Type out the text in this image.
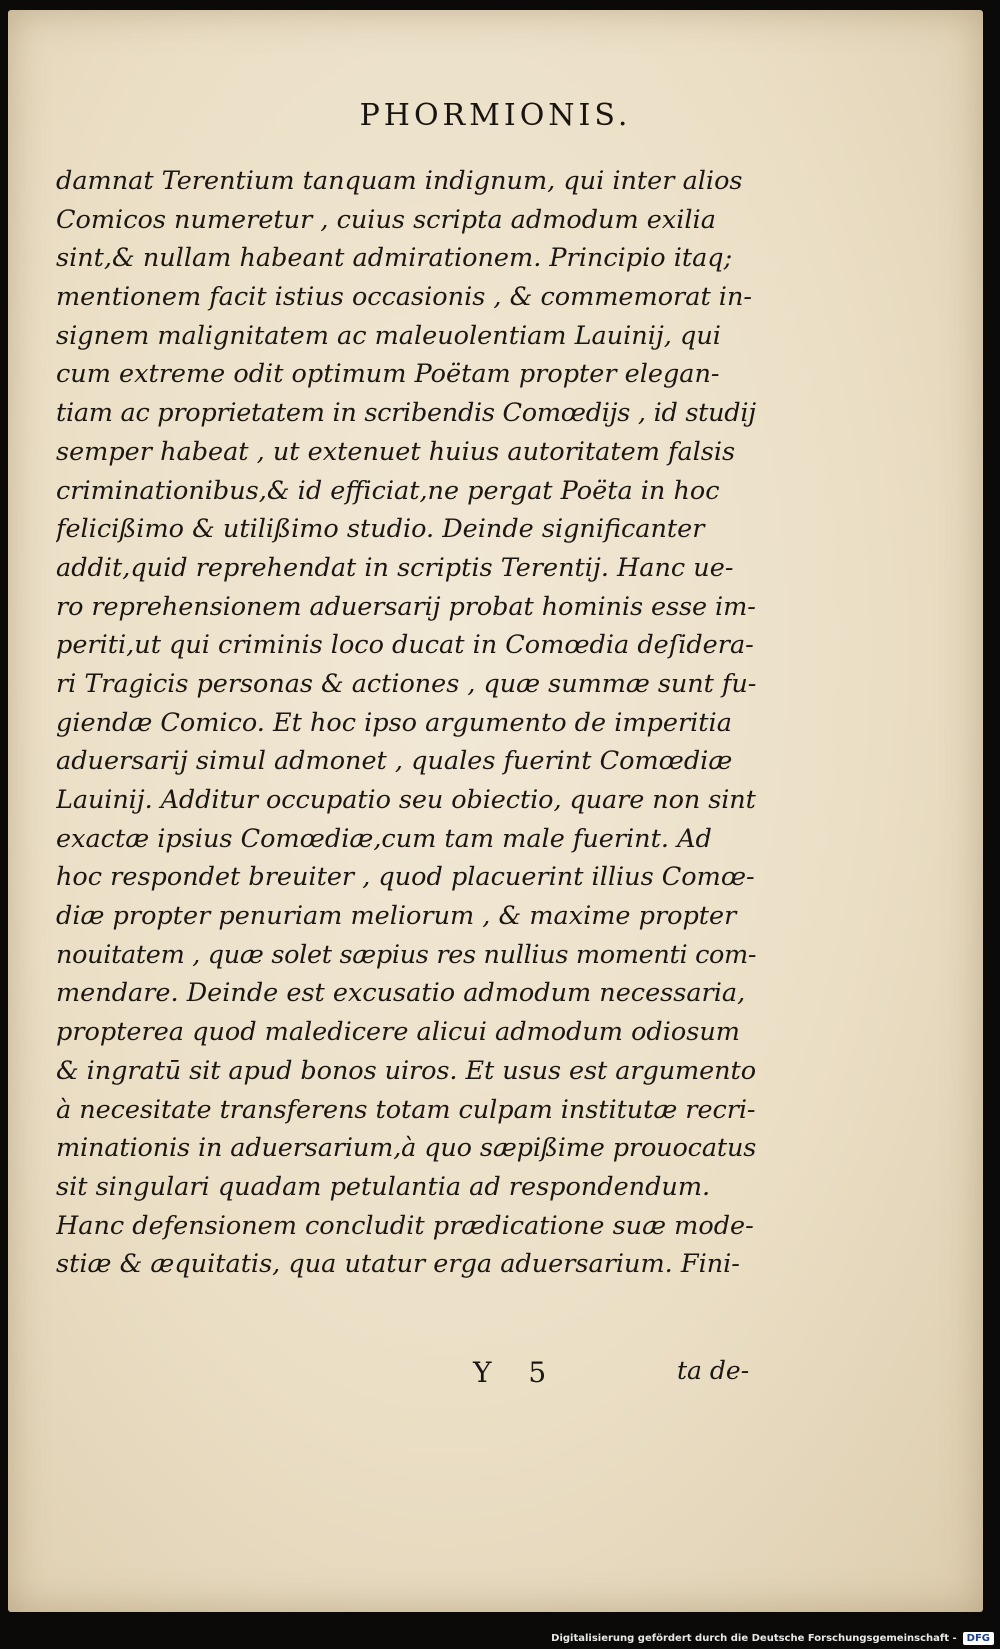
PHORMIONIS.
damnat Terentium tanquam indignum, qui inter alios
Comicos numeretur , cuius scripta admodum exilia
sint,& nullam habeant admirationem. Principio itaq;
mentionem facit istius occasionis , & commemorat in-
signem malignitatem ac maleuolentiam Lauinij, qui
cum extreme odit optimum Poëtam propter elegan-
tiam ac proprietatem in scribendis Comœdijs , id studij
semper habeat , ut extenuet huius autoritatem falsis
criminationibus,& id efficiat,ne pergat Poëta in hoc
felicißimo & utilißimo studio. Deinde significanter
addit,quid reprehendat in scriptis Terentij. Hanc ue-
ro reprehensionem aduersarij probat hominis esse im-
periti,ut qui criminis loco ducat in Comœdia deſidera-
ri Tragicis personas & actiones , quæ summæ sunt fu-
giendæ Comico. Et hoc ipso argumento de imperitia
aduersarij simul admonet , quales fuerint Comœdiæ
Lauinij. Additur occupatio seu obiectio, quare non sint
exactæ ipsius Comœdiæ,cum tam male fuerint. Ad
hoc respondet breuiter , quod placuerint illius Comœ-
diæ propter penuriam meliorum , & maxime propter
nouitatem , quæ solet sæpius res nullius momenti com-
mendare. Deinde est excusatio admodum necessaria,
propterea quod maledicere alicui admodum odiosum
& ingratū sit apud bonos uiros. Et usus est argumento
à necesitate transferens totam culpam institutæ recri-
minationis in aduersarium,à quo sæpißime prouocatus
sit singulari quadam petulantia ad respondendum.
Hanc defensionem concludit prædicatione suæ mode-
stiæ & æquitatis, qua utatur erga aduersarium. Fini-
Y 5	ta de-
Digitalisierung gefördert durch die Deutsche Forschungsgemeinschaft -	DFG
